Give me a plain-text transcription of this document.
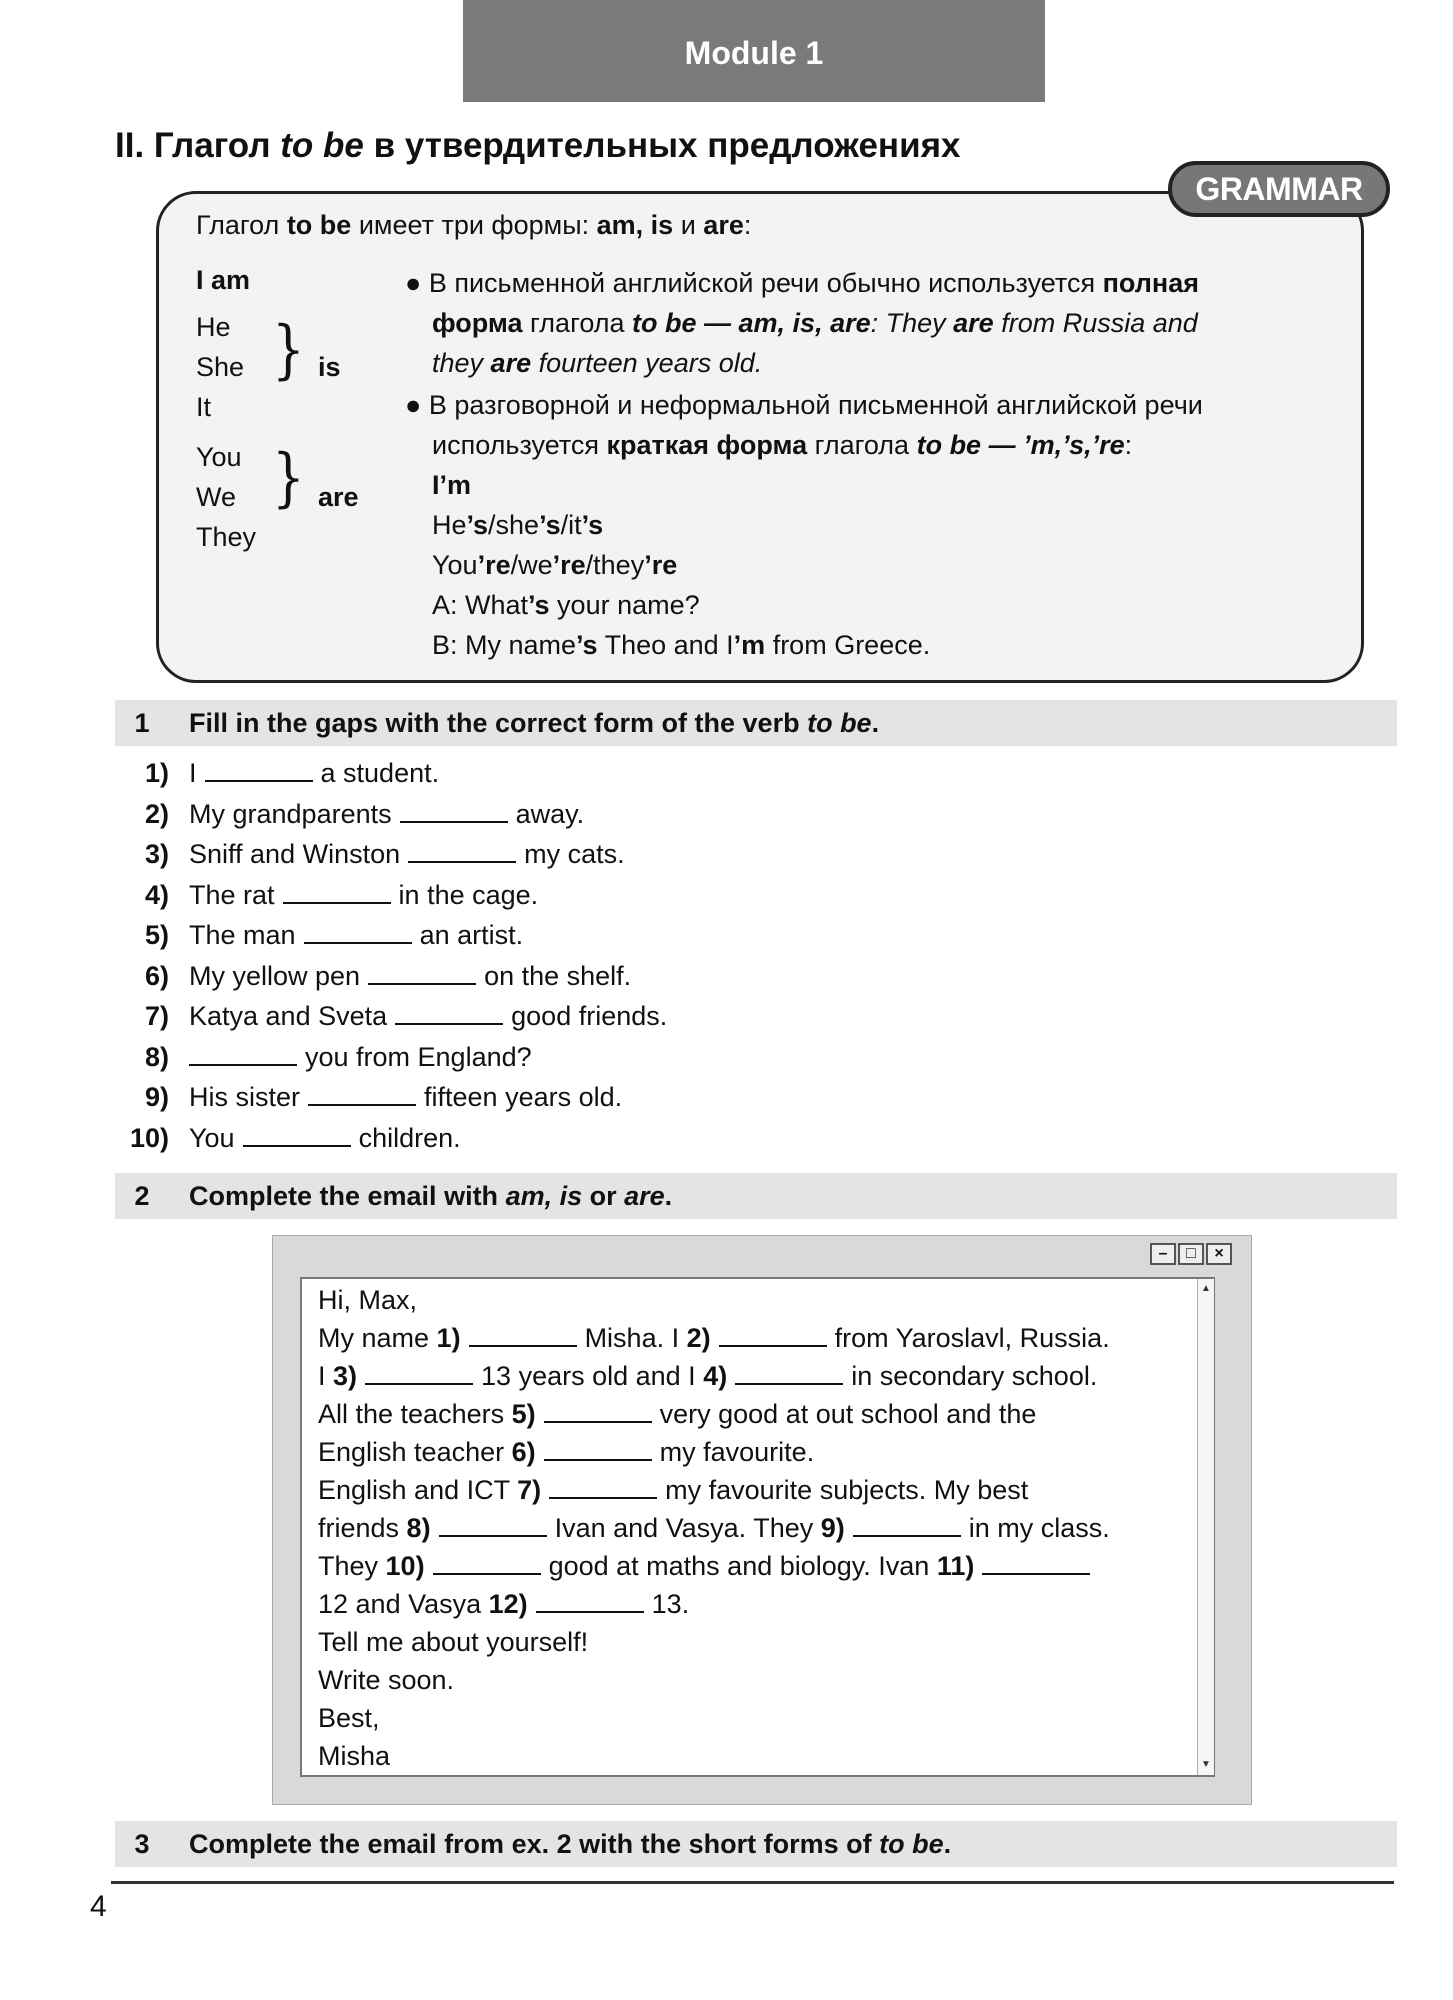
Module 1
II. Глагол to be в утвердительных предложениях
GRAMMAR
Глагол to be имеет три формы: am, is и are:
I am
He
She
It
} is
You
We
They
} are
● В письменной английской речи обычно используется полная
форма глагола to be — am, is, are: They are from Russia and
they are fourteen years old.
● В разговорной и неформальной письменной английской речи
используется краткая форма глагола to be — ’m,’s,’re:
I’m
He’s/she’s/it’s
You’re/we’re/they’re
A: What’s your name?
B: My name’s Theo and I’m from Greece.
1	Fill in the gaps with the correct form of the verb to be.
1) I	a student.
2) My grandparents	away.
3) Sniff and Winston	my cats.
4) The rat	in the cage.
5) The man	an artist.
6) My yellow pen	on the shelf.
7) Katya and Sveta	good friends.
8)	you from England?
9) His sister	fifteen years old.
10) You	children.
2	Complete the email with am, is or are.
–	□	×
▲
▼
Hi, Max,
My name 1)	Misha. I 2)	from Yaroslavl, Russia.
I 3)	13 years old and I 4)	in secondary school.
All the teachers 5)	very good at out school and the
English teacher 6)	my favourite.
English and ICT 7)	my favourite subjects. My best
friends 8)	Ivan and Vasya. They 9)	in my class.
They 10)	good at maths and biology. Ivan 11)
12 and Vasya 12)	13.
Tell me about yourself!
Write soon.
Best,
Misha
3	Complete the email from ex. 2 with the short forms of to be.
4
